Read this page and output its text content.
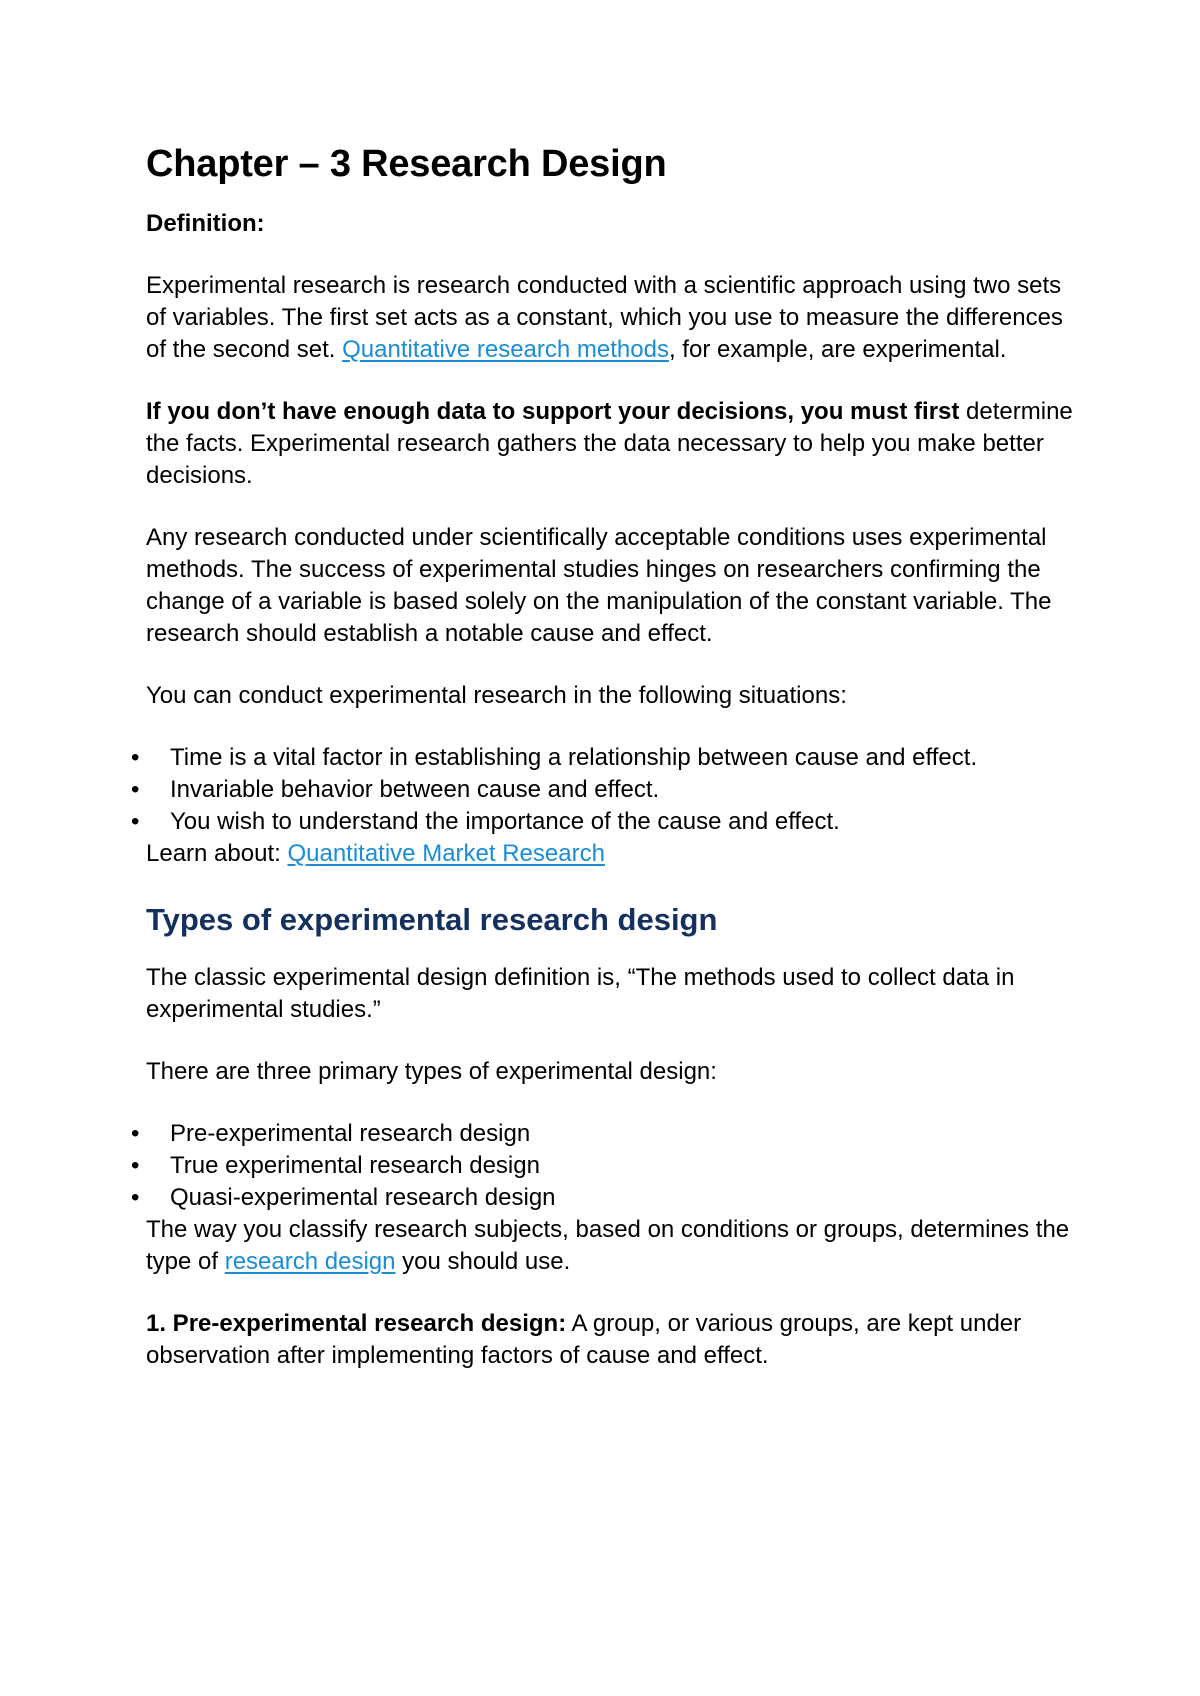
Chapter – 3 Research Design

Definition:

Experimental research is research conducted with a scientific approach using two sets of variables. The first set acts as a constant, which you use to measure the differences of the second set. Quantitative research methods, for example, are experimental.

If you don’t have enough data to support your decisions, you must first determine the facts. Experimental research gathers the data necessary to help you make better decisions.

Any research conducted under scientifically acceptable conditions uses experimental methods. The success of experimental studies hinges on researchers confirming the change of a variable is based solely on the manipulation of the constant variable. The research should establish a notable cause and effect.

You can conduct experimental research in the following situations:

•	Time is a vital factor in establishing a relationship between cause and effect.
•	Invariable behavior between cause and effect.
•	You wish to understand the importance of the cause and effect.

Learn about: Quantitative Market Research

Types of experimental research design

The classic experimental design definition is, “The methods used to collect data in experimental studies.”

There are three primary types of experimental design:

•	Pre-experimental research design
•	True experimental research design
•	Quasi-experimental research design

The way you classify research subjects, based on conditions or groups, determines the type of research design you should use.

1. Pre-experimental research design: A group, or various groups, are kept under observation after implementing factors of cause and effect.
